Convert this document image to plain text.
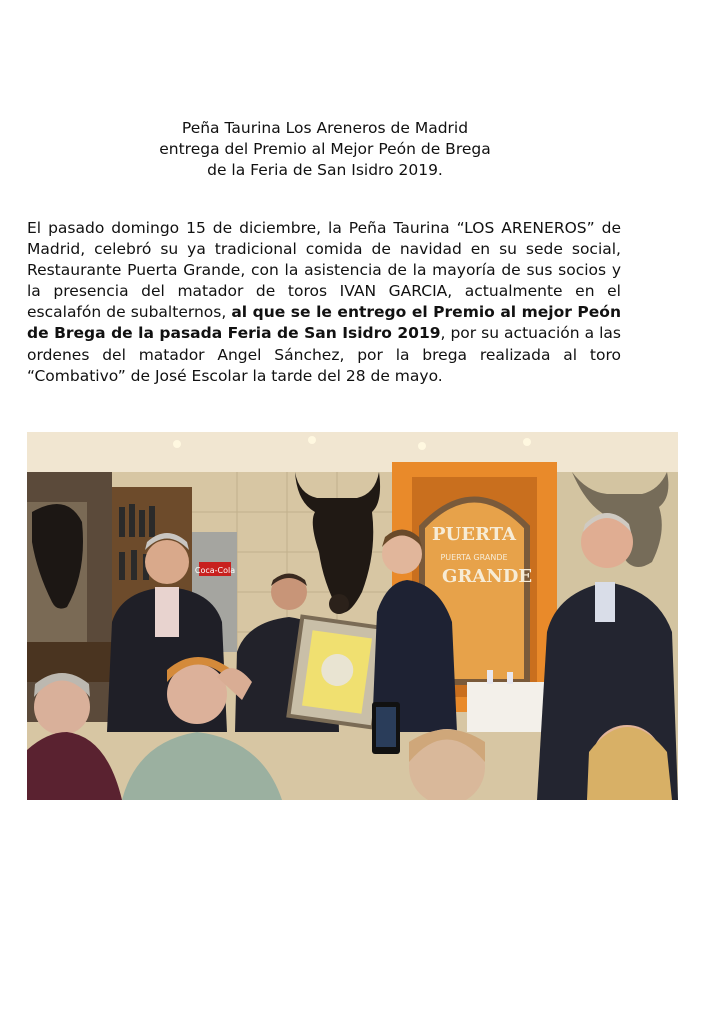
Peña Taurina Los Areneros de Madrid
entrega del Premio al Mejor Peón de Brega
de la Feria de San Isidro 2019.

El pasado domingo 15 de diciembre, la Peña Taurina “LOS ARENEROS” de Madrid, celebró su ya tradicional comida de navidad en su sede social, Restaurante Puerta Grande, con la asistencia de la mayoría de sus socios y la presencia del matador de toros IVAN GARCIA, actualmente en el escalafón de subalternos, al que se le entrego el Premio al mejor Peón de Brega de la pasada Feria de San Isidro 2019, por su actuación a las ordenes del matador Angel Sánchez, por la brega realizada al toro “Combativo” de José Escolar la tarde del 28 de mayo.

Coca-Cola
PUERTA
PUERTA GRANDE
GRANDE
